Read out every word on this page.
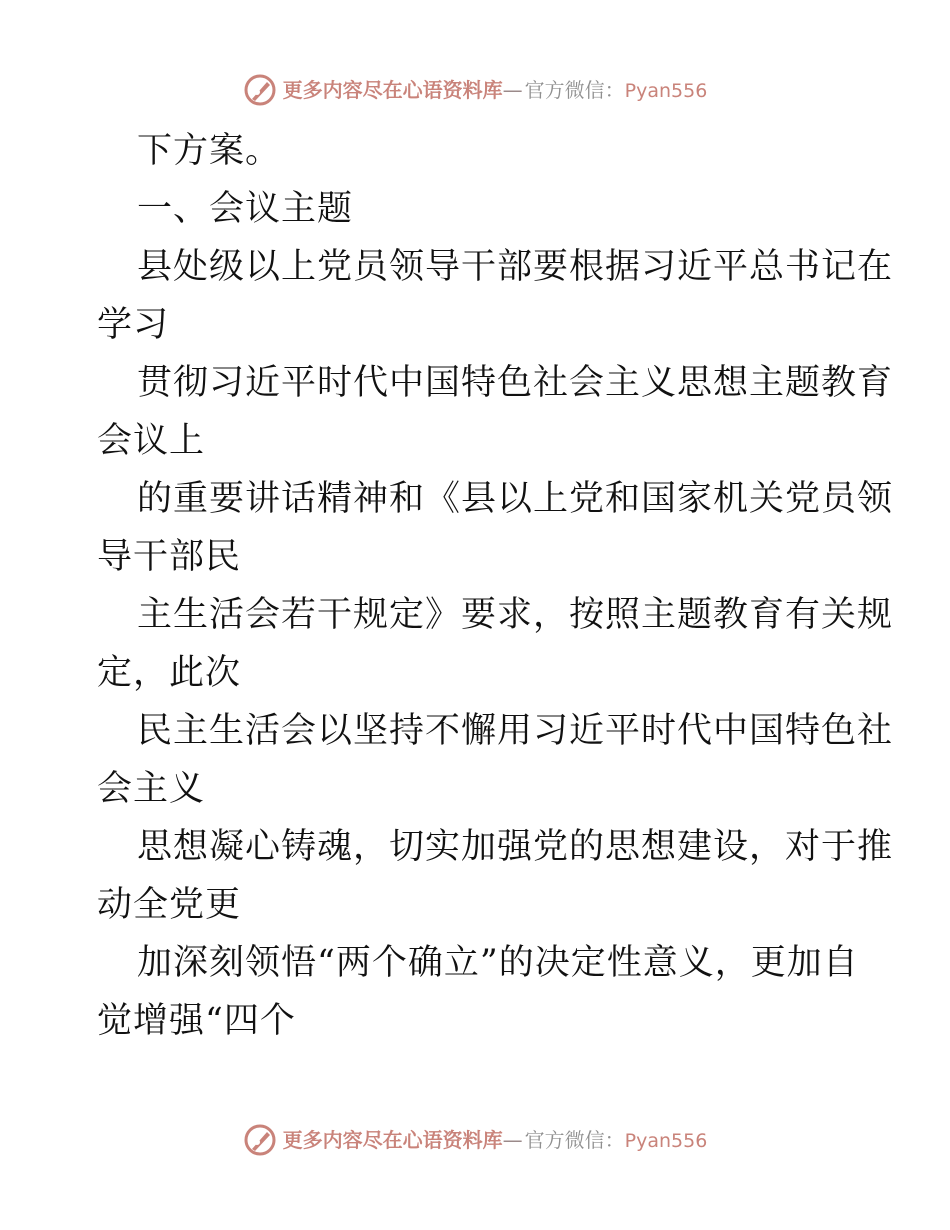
更多内容尽在心语资料库 — 官方微信： Pyan556
下方案。
一、会议主题
县处级以上党员领导干部要根据习近平总书记在
学习
贯彻习近平时代中国特色社会主义思想主题教育
会议上
的重要讲话精神和《县以上党和国家机关党员领
导干部民
主生活会若干规定》要求，按照主题教育有关规
定，此次
民主生活会以坚持不懈用习近平时代中国特色社
会主义
思想凝心铸魂，切实加强党的思想建设，对于推
动全党更
加深刻领悟“两个确立”的决定性意义，更加自
觉增强“四个
更多内容尽在心语资料库 — 官方微信： Pyan556
